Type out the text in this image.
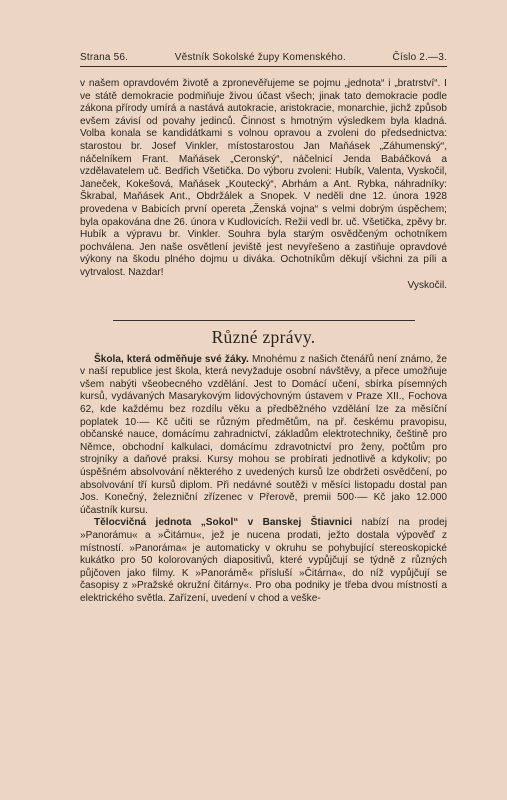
Strana 56.	Věstník Sokolské župy Komenského.	Číslo 2.—3.

v našem opravdovém životě a zpronevěřujeme se pojmu „jednota“ i „bratrství“. I ve státě demokracie podmiňuje živou účast všech; jinak tato demokracie podle zákona přírody umírá a nastává autokracie, aristokracie, monarchie, jichž způsob evšem závisí od povahy jedinců. Činnost s hmotným výsledkem byla kladná. Volba konala se kandidátkami s volnou opravou a zvoleni do předsednictva: starostou br. Josef Vinkler, místostarostou Jan Maňásek „Záhumenský“, náčelníkem Frant. Maňásek „Ceronský“, náčelnicí Jenda Babáčková a vzdělavatelem uč. Bedřich Všetička. Do výboru zvoleni: Hubík, Valenta, Vyskočil, Janeček, Kokešová, Maňásek „Koutecký“, Abrhám a Ant. Rybka, náhradníky: Škrabal, Maňásek Ant., Obdržálek a Snopek. V neděli dne 12. února 1928 provedena v Babicích první opereta „Ženská vojna“ s velmi dobrým úspěchem; byla opakována dne 26. února v Kudlovicích. Režii vedl br. uč. Všetička, zpěvy br. Hubík a výpravu br. Vinkler. Souhra byla starým osvědčeným ochotníkem pochválena. Jen naše osvětlení jeviště jest nevyřešeno a zastiňuje opravdové výkony na škodu plného dojmu u diváka. Ochotníkům děkují všichni za píli a vytrvalost. Nazdar!

Vyskočil.

Různé zprávy.

Škola, která odměňuje své žáky. Mnohému z našich čtenářů není známo, že v naší republice jest škola, která nevyžaduje osobní návštěvy, a přece umožňuje všem nabýti všeobecného vzdělání. Jest to Domácí učení, sbírka písemných kursů, vydávaných Masarykovým lidovýchovným ústavem v Praze XII., Fochova 62, kde každému bez rozdílu věku a předběžného vzdělání lze za měsíční poplatek 10·— Kč učiti se různým předmětům, na př. českému pravopisu, občanské nauce, domácímu zahradnictví, základům elektrotechniky, češtině pro Němce, obchodní kalkulaci, domácímu zdravotnictví pro ženy, počtům pro strojníky a daňové praksi. Kursy mohou se probírati jednotlivě a kdykoliv; po úspěšném absolvování některého z uvedených kursů lze obdržeti osvědčení, po absolvování tří kursů diplom. Při nedávné soutěži v měsíci listopadu dostal pan Jos. Konečný, železniční zřízenec v Přerově, premii 500·— Kč jako 12.000 účastník kursu.

Tělocvičná jednota „Sokol“ v Banskej Štiavnici nabízí na prodej »Panorámu« a »Čitárnu«, jež je nucena prodati, ježto dostala výpověď z místností. »Panoráma« je automaticky v okruhu se pohybující stereoskopické kukátko pro 50 kolorovaných diapositivů, které vypůjčují se týdně z různých půjčoven jako filmy. K »Panorámě« přísluší »Čitárna«, do níž vypůjčují se časopisy z »Pražské okružní čitárny«. Pro oba podniky je třeba dvou místností a elektrického světla. Zařízení, uvedení v chod a veške-
